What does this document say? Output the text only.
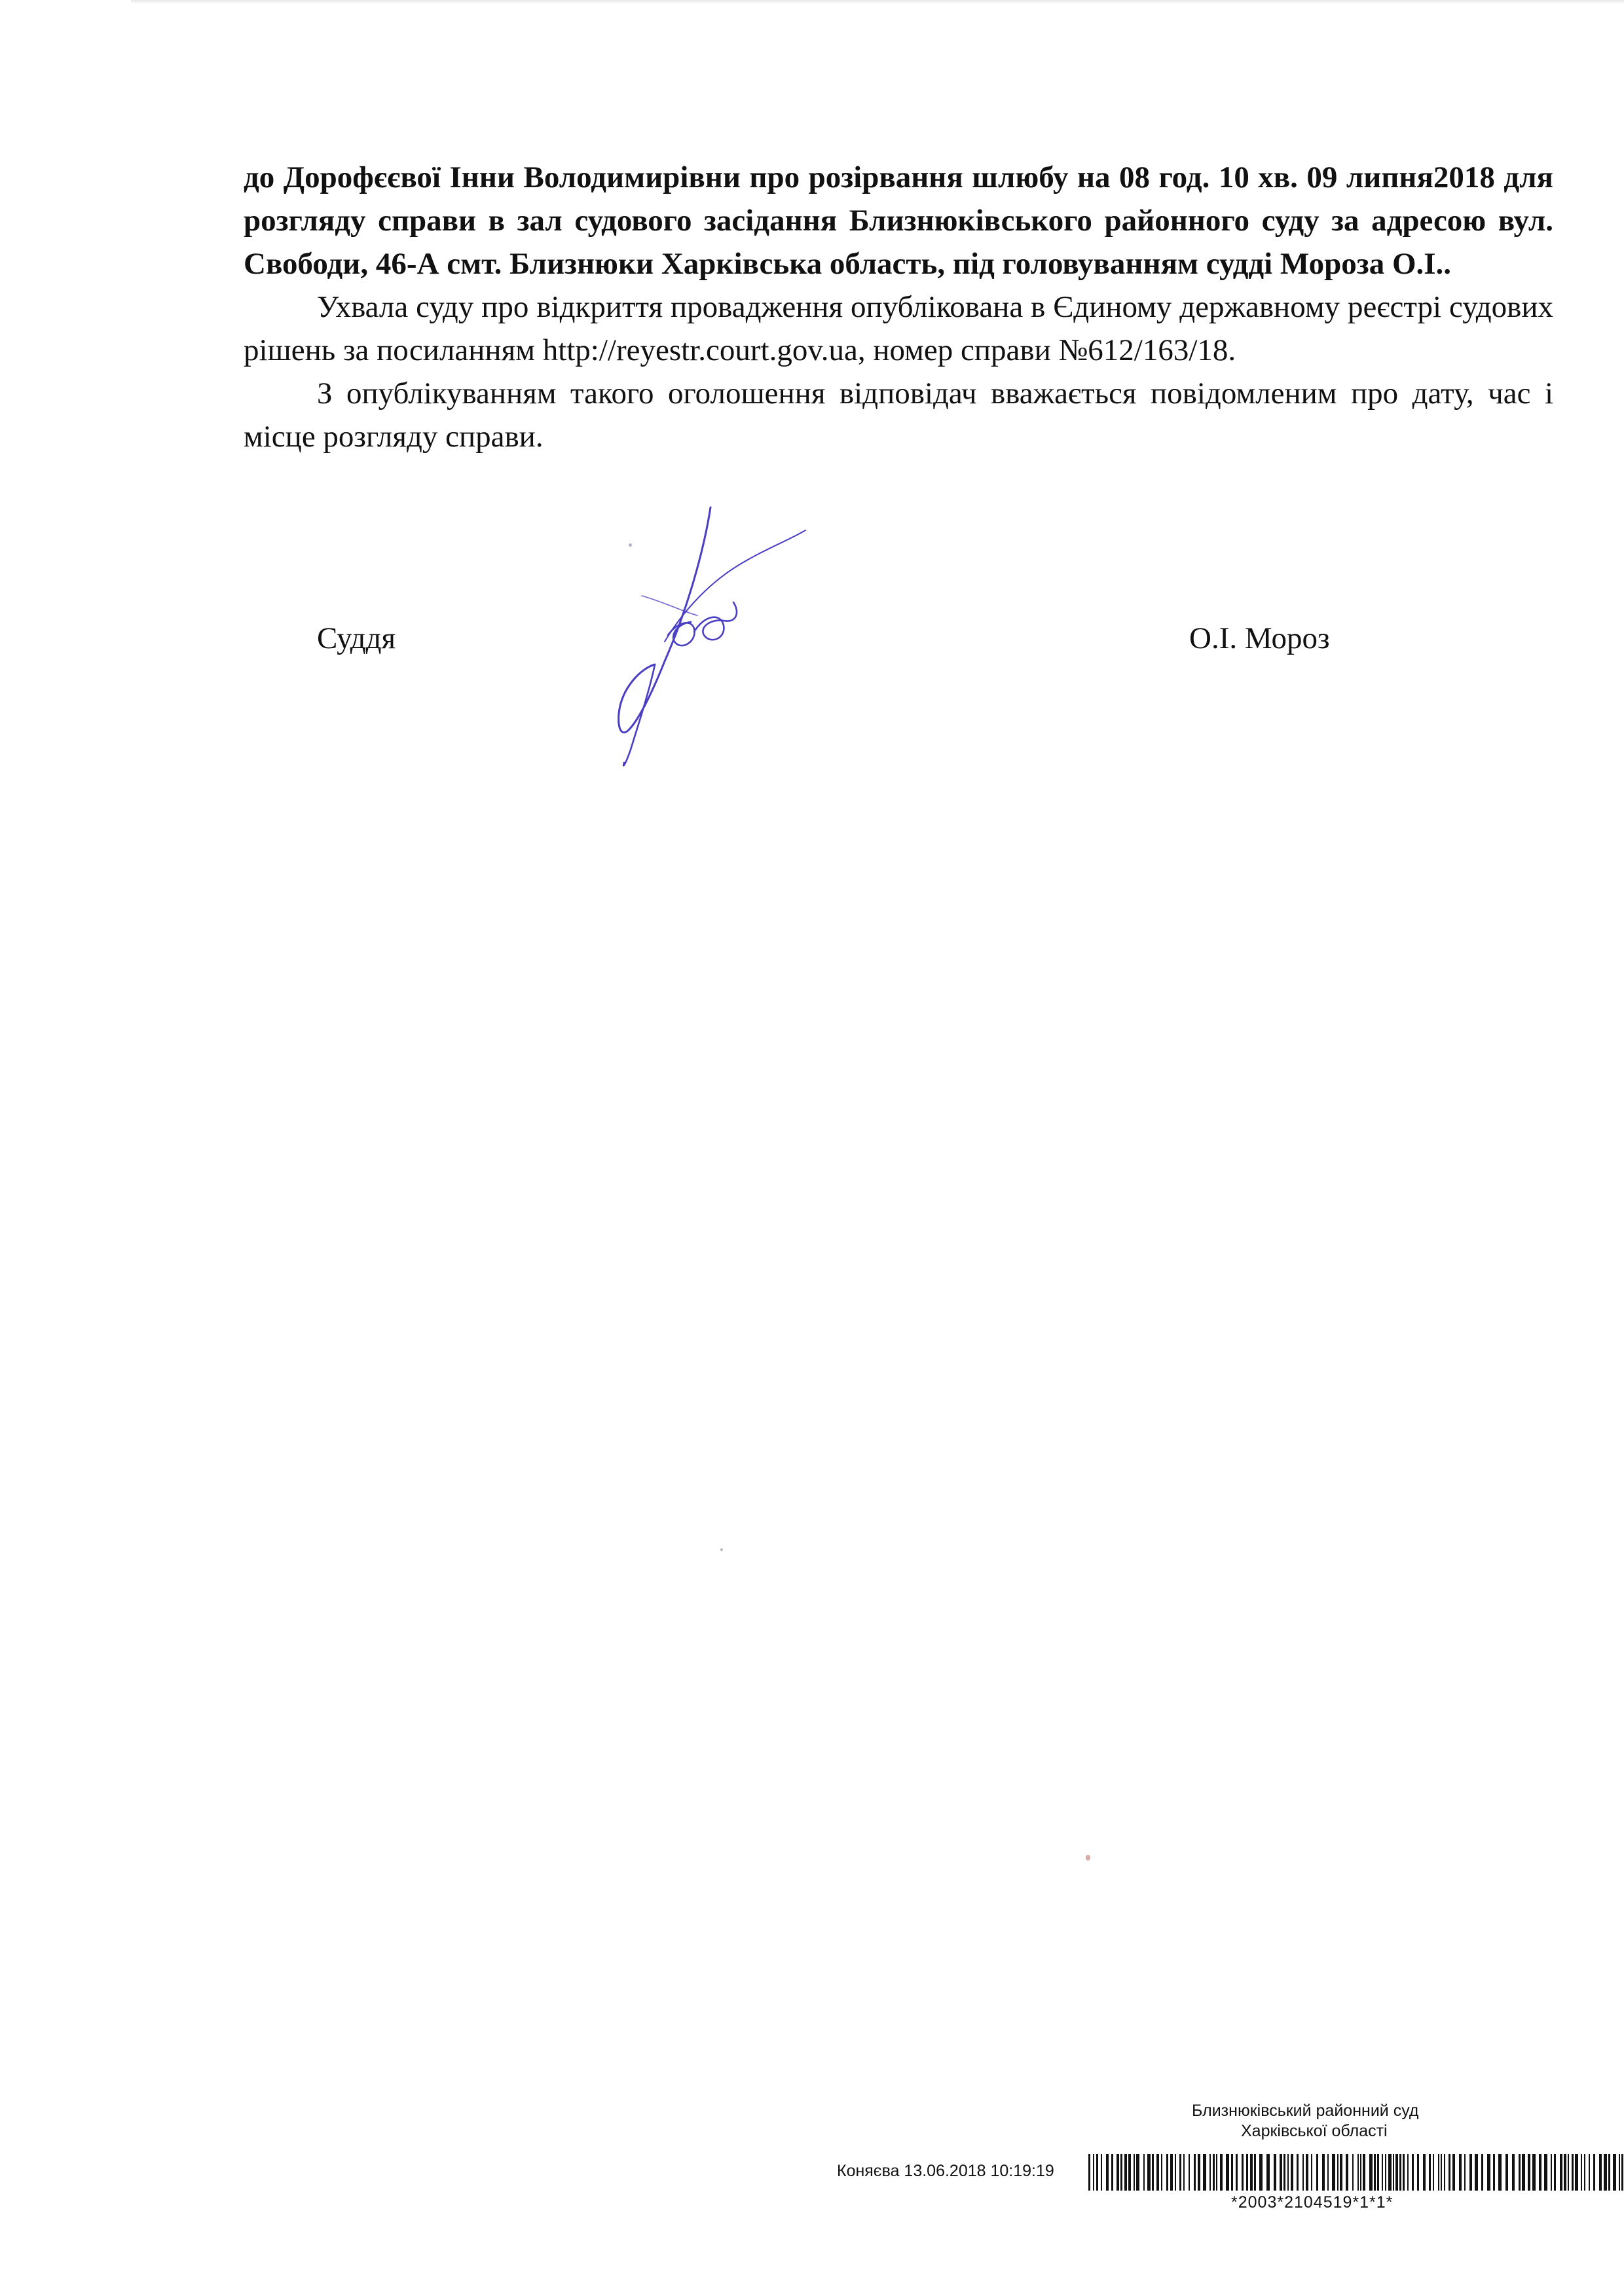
до Дорофєєвої Інни Володимирівни про розірвання шлюбу на 08 год. 10 хв. 09 липня2018 для розгляду справи в зал судового засідання Близнюківського районного суду за адресою вул. Свободи, 46-А смт. Близнюки Харківська область, під головуванням судді Мороза О.І..

Ухвала суду про відкриття провадження опублікована в Єдиному державному реєстрі судових рішень за посиланням http://reyestr.court.gov.ua, номер справи №612/163/18.

З опублікуванням такого оголошення відповідач вважається повідомленим про дату, час і місце розгляду справи.

Суддя	О.І. Мороз
Близнюківський районний суд
Харківської області
Коняєва 13.06.2018 10:19:19
*2003*2104519*1*1*
